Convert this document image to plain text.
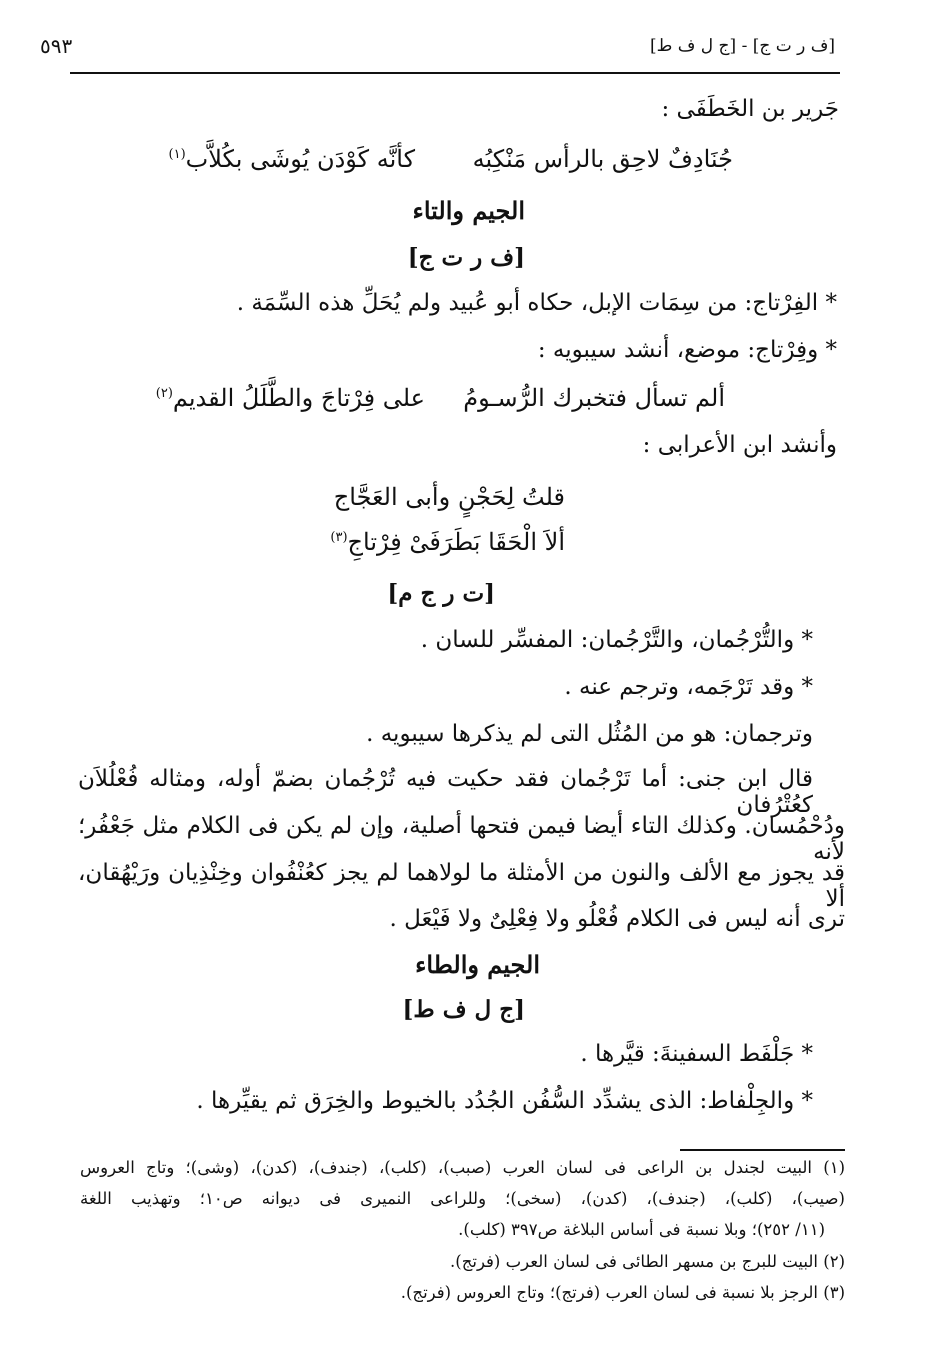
[ف ر ت ج] - [ج ل ف ط]
٥٩٣
جَرير بن الخَطَفَى :
جُنَادِفٌ لاحِق بالرأس مَنْكِبُه
كأنَّه كَوْدَن يُوشَى بكُلاَّب$^{(١)}$
الجيم والتاء
[ف ر ت ج]
* الفِرْتاج: من سِمَات الإبل، حكاه أبو عُبيد ولم يُحَلِّ هذه السِّمَة .
* وفِرْتاج: موضع، أنشد سيبويه :
ألم تسأل فتخبرك الرُّسـومُ
على فِرْتاجَ والطَّلَلُ القديم$^{(٢)}$
وأنشد ابن الأعرابى :
قلتُ لِحَجْنٍ وأبى العَجَّاج
ألاَ الْحَقَا بَطَرَفَىْ فِرْتاجِ$^{(٣)}$
[ت ر ج م]
* والتُّرْجُمان، والتَّرْجُمان: المفسِّر للسان .
* وقد تَرْجَمه، وترجم عنه .
وترجمان: هو من المُثُل التى لم يذكرها سيبويه .
قال ابن جنى: أما تَرْجُمان فقد حكيت فيه تُرْجُمان بضمّ أوله، ومثاله فُعْلُلاَن كعُتْرُفان
ودُحْمُسان. وكذلك التاء أيضا فيمن فتحها أصلية، وإن لم يكن فى الكلام مثل جَعْفُر؛ لأنه
قد يجوز مع الألف والنون من الأمثلة ما لولاهما لم يجز كعُنْفُوان وخِنْذِيان ورَيْهُقان، ألا
ترى أنه ليس فى الكلام فُعْلُو ولا فِعْلِىٌ ولا فَيْعَل .
الجيم والطاء
[ج ل ف ط]
* جَلْفَط السفينةَ: قيَّرها .
* والجِلْفاط: الذى يشدِّد السُّفُن الجُدُد بالخيوط والخِرَق ثم يقيِّرها .
(١) البيت لجندل بن الراعى فى لسان العرب (صبب)، (كلب)، (جندف)، (كدن)، (وشى)؛ وتاج العروس
(صيب)، (كلب)، (جندف)، (كدن)، (سخى)؛ وللراعى النميرى فى ديوانه ص١٠؛ وتهذيب اللغة
(١١/ ٢٥٢)؛ وبلا نسبة فى أساس البلاغة ص٣٩٧ (كلب).
(٢) البيت للبرج بن مسهر الطائى فى لسان العرب (فرتج).
(٣) الرجز بلا نسبة فى لسان العرب (فرتج)؛ وتاج العروس (فرتج).
